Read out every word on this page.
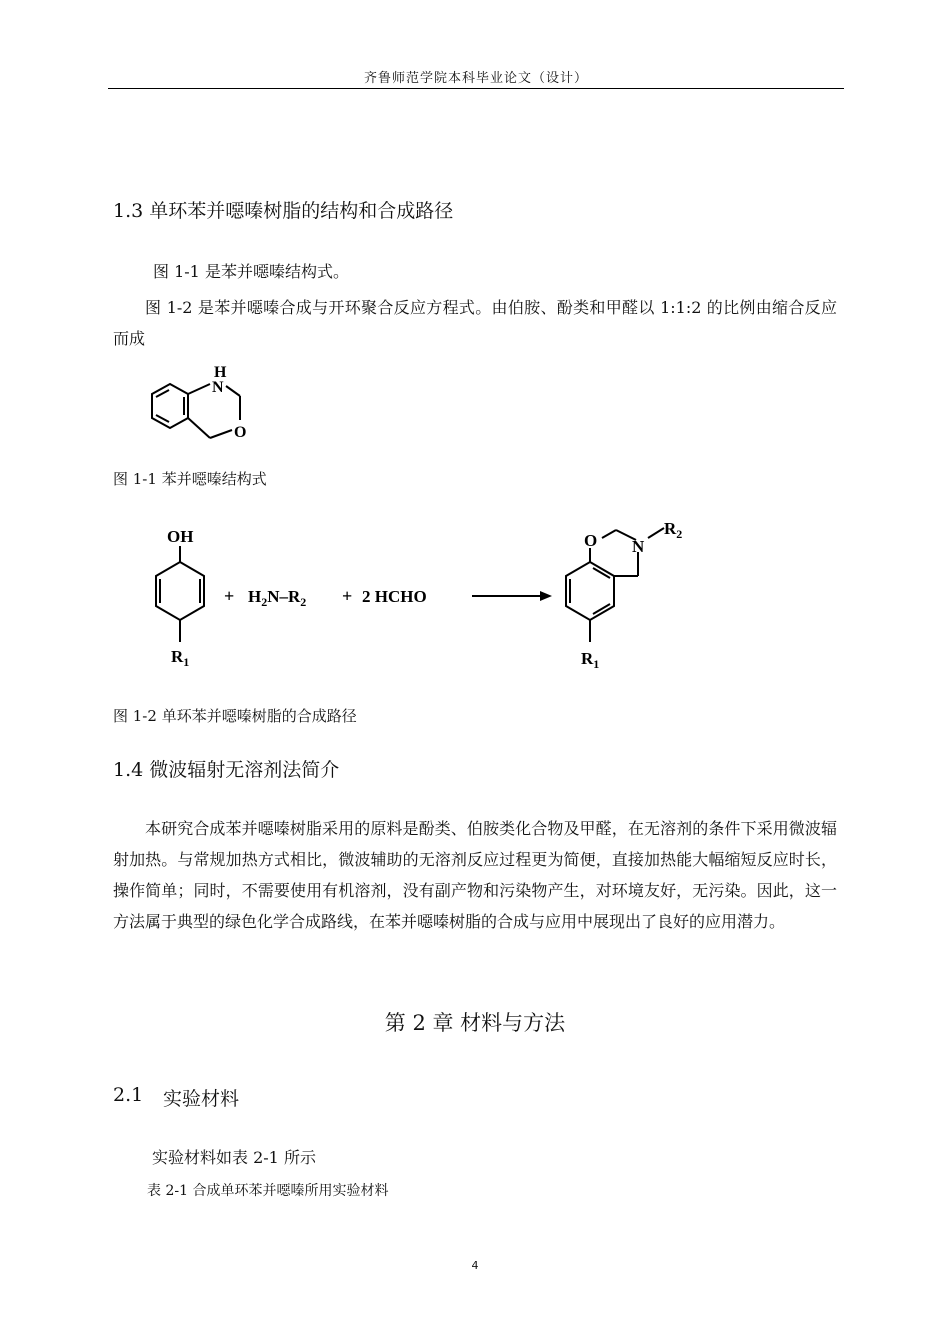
齐鲁师范学院本科毕业论文（设计）
1.3 单环苯并噁嗪树脂的结构和合成路径
图 1-1 是苯并噁嗪结构式。
图 1-2 是苯并噁嗪合成与开环聚合反应方程式。由伯胺、酚类和甲醛以 1:1:2 的比例由缩合反应而成
H
N
O
图 1-1 苯并噁嗪结构式
OH
$R_1$
+ $H_2N-R_2 + 2$ HCHO
O N
$R_2$
$R_1$
图 1-2 单环苯并噁嗪树脂的合成路径
1.4 微波辐射无溶剂法简介
本研究合成苯并噁嗪树脂采用的原料是酚类、伯胺类化合物及甲醛，在无溶剂的条件下采用微波辐射加热。与常规加热方式相比，微波辅助的无溶剂反应过程更为简便，直接加热能大幅缩短反应时长，操作简单；同时，不需要使用有机溶剂，没有副产物和污染物产生，对环境友好，无污染。因此，这一方法属于典型的绿色化学合成路线，在苯并噁嗪树脂的合成与应用中展现出了良好的应用潜力。
第 2 章 材料与方法
2.1 实验材料
实验材料如表 2-1 所示
表 2-1 合成单环苯并噁嗪所用实验材料
4
